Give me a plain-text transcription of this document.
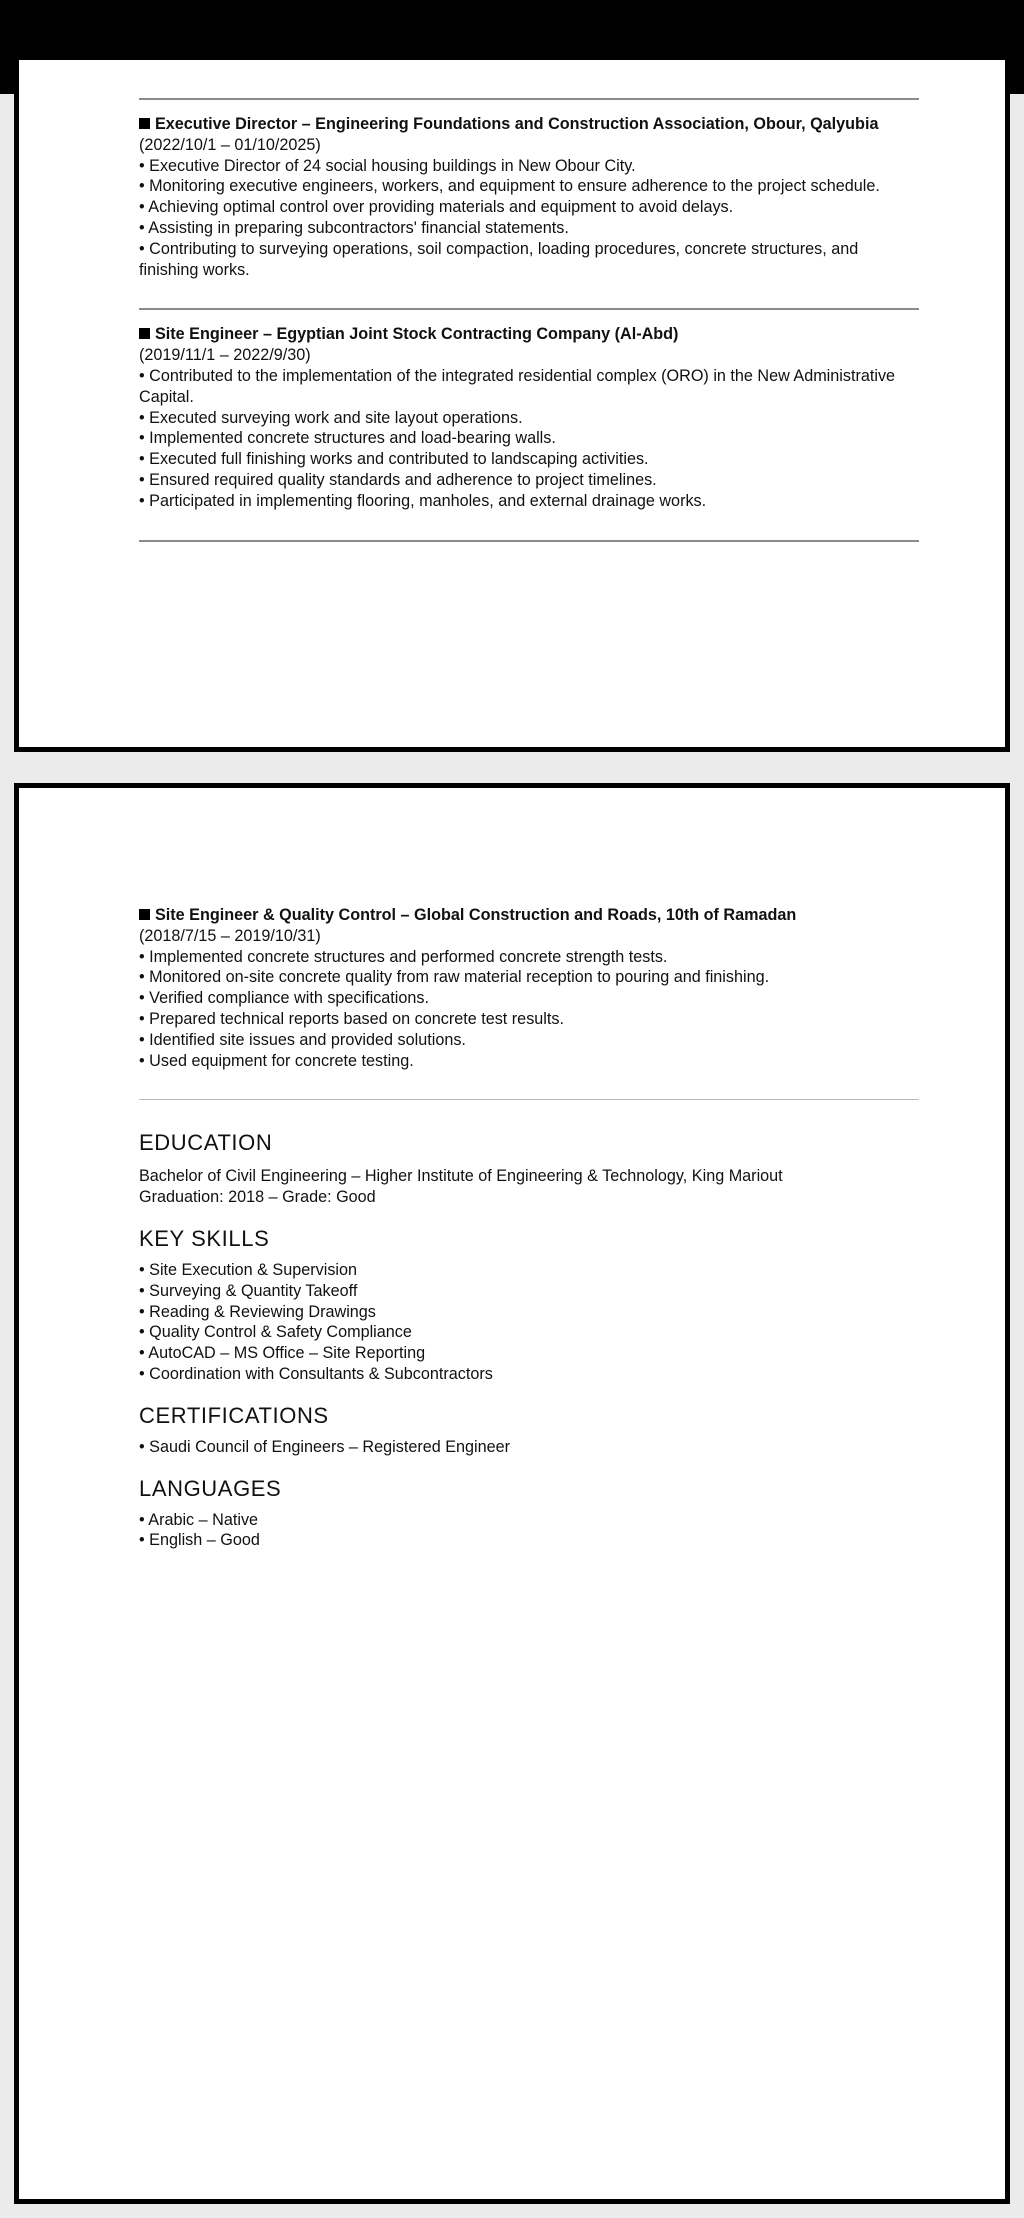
Executive Director – Engineering Foundations and Construction Association, Obour, Qalyubia
(2022/10/1 – 01/10/2025)
• Executive Director of 24 social housing buildings in New Obour City.
• Monitoring executive engineers, workers, and equipment to ensure adherence to the project schedule.
• Achieving optimal control over providing materials and equipment to avoid delays.
• Assisting in preparing subcontractors' financial statements.
• Contributing to surveying operations, soil compaction, loading procedures, concrete structures, and finishing works.
Site Engineer – Egyptian Joint Stock Contracting Company (Al-Abd)
(2019/11/1 – 2022/9/30)
• Contributed to the implementation of the integrated residential complex (ORO) in the New Administrative Capital.
• Executed surveying work and site layout operations.
• Implemented concrete structures and load-bearing walls.
• Executed full finishing works and contributed to landscaping activities.
• Ensured required quality standards and adherence to project timelines.
• Participated in implementing flooring, manholes, and external drainage works.
Site Engineer & Quality Control – Global Construction and Roads, 10th of Ramadan
(2018/7/15 – 2019/10/31)
• Implemented concrete structures and performed concrete strength tests.
• Monitored on-site concrete quality from raw material reception to pouring and finishing.
• Verified compliance with specifications.
• Prepared technical reports based on concrete test results.
• Identified site issues and provided solutions.
• Used equipment for concrete testing.
EDUCATION
Bachelor of Civil Engineering – Higher Institute of Engineering & Technology, King Mariout
Graduation: 2018 – Grade: Good
KEY SKILLS
• Site Execution & Supervision
• Surveying & Quantity Takeoff
• Reading & Reviewing Drawings
• Quality Control & Safety Compliance
• AutoCAD – MS Office – Site Reporting
• Coordination with Consultants & Subcontractors
CERTIFICATIONS
• Saudi Council of Engineers – Registered Engineer
LANGUAGES
• Arabic – Native
• English – Good
